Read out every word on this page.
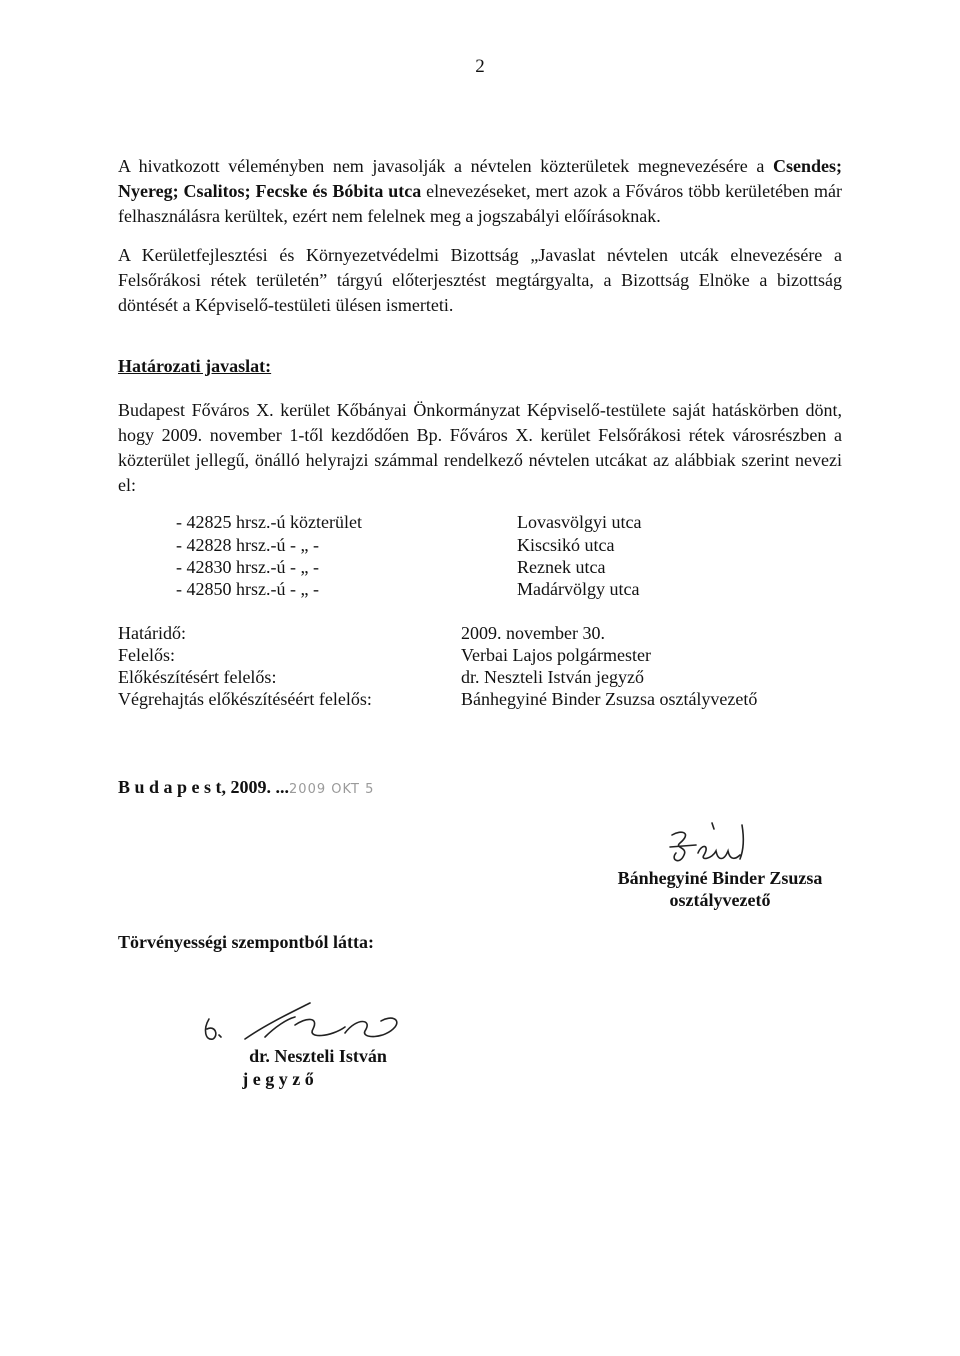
2

A hivatkozott véleményben nem javasolják a névtelen közterületek megnevezésére a Csendes; Nyereg; Csalitos; Fecske és Bóbita utca elnevezéseket, mert azok a Főváros több kerületében már felhasználásra kerültek, ezért nem felelnek meg a jogszabályi előírásoknak.

A Kerületfejlesztési és Környezetvédelmi Bizottság „Javaslat névtelen utcák elnevezésére a Felsőrákosi rétek területén” tárgyú előterjesztést megtárgyalta, a Bizottság Elnöke a bizottság döntését a Képviselő-testületi ülésen ismerteti.

Határozati javaslat:

Budapest Főváros X. kerület Kőbányai Önkormányzat Képviselő-testülete saját hatáskörben dönt, hogy 2009. november 1-től kezdődően Bp. Főváros X. kerület Felsőrákosi rétek városrészben a közterület jellegű, önálló helyrajzi számmal rendelkező névtelen utcákat az alábbiak szerint nevezi el:

- 42825 hrsz.-ú közterület	Lovasvölgyi utca
- 42828 hrsz.-ú - „ -	Kiscsikó utca
- 42830 hrsz.-ú - „ -	Reznek utca
- 42850 hrsz.-ú - „ -	Madárvölgy utca
Határidő:	2009. november 30.
Felelős:	Verbai Lajos polgármester
Előkészítésért felelős:	dr. Neszteli István jegyző
Végrehajtás előkészítéséért felelős:	Bánhegyiné Binder Zsuzsa osztályvezető
B u d a p e s t, 2009. ...2009 OKT 5
Bánhegyiné Binder Zsuzsa
osztályvezető
Törvényességi szempontból látta:
dr. Neszteli István
j e g y z ő
